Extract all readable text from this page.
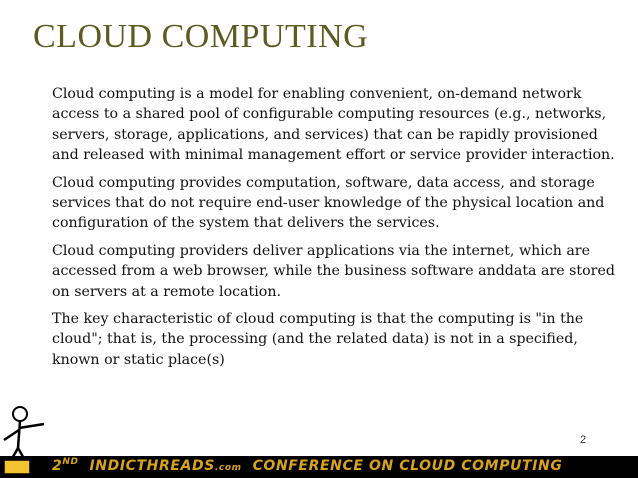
CLOUD COMPUTING

Cloud computing is a model for enabling convenient, on-demand network access to a shared pool of configurable computing resources (e.g., networks, servers, storage, applications, and services) that can be rapidly provisioned and released with minimal management effort or service provider interaction.

Cloud computing provides computation, software, data access, and storage services that do not require end-user knowledge of the physical location and configuration of the system that delivers the services.

Cloud computing providers deliver applications via the internet, which are accessed from a web browser, while the business software anddata are stored on servers at a remote location.

The key characteristic of cloud computing is that the computing is "in the cloud"; that is, the processing (and the related data) is not in a specified, known or static place(s)

2
2ND INDICTHREADS.com CONFERENCE ON CLOUD COMPUTING
